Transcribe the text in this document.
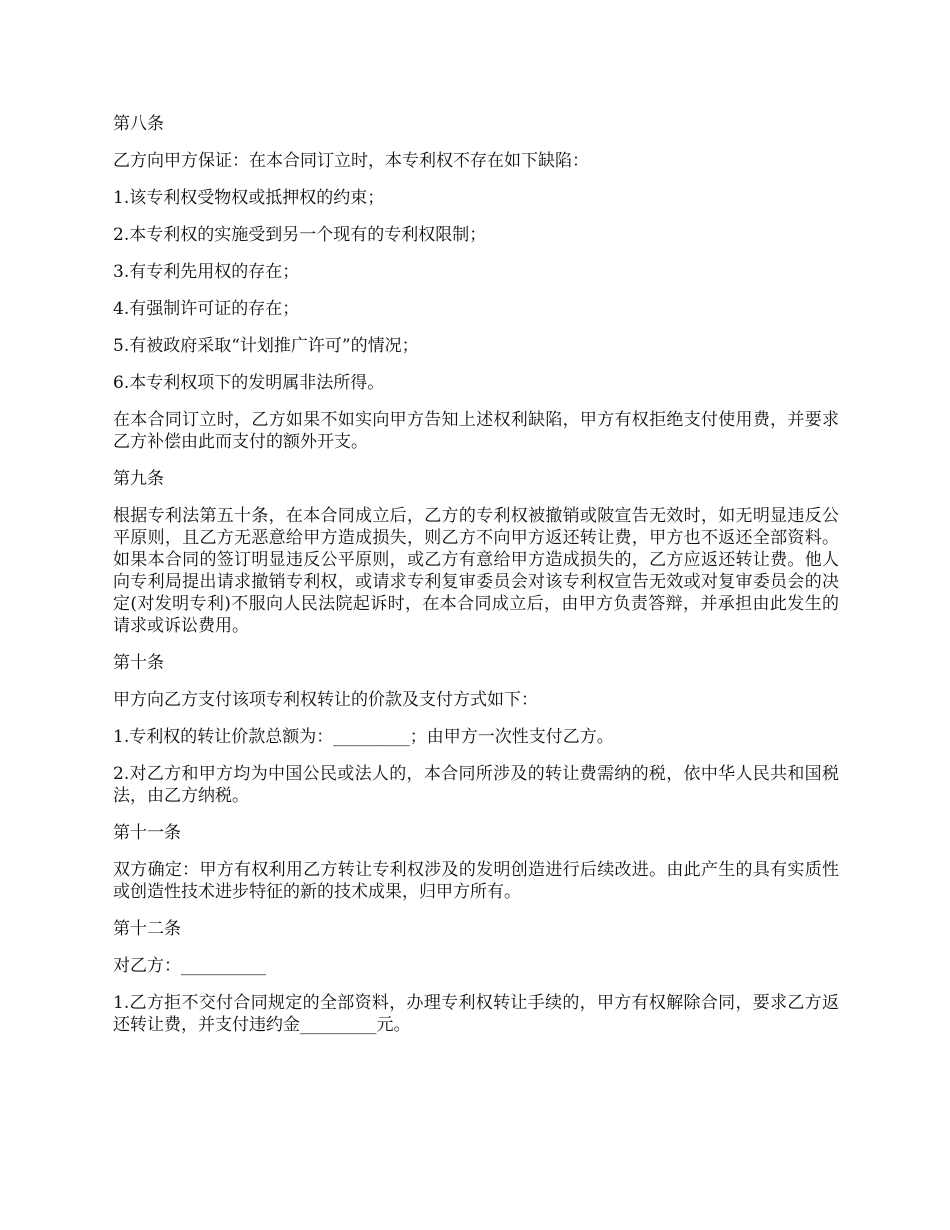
第八条

乙方向甲方保证：在本合同订立时，本专利权不存在如下缺陷：

1.该专利权受物权或抵押权的约束；

2.本专利权的实施受到另一个现有的专利权限制；

3.有专利先用权的存在；

4.有强制许可证的存在；

5.有被政府采取“计划推广许可”的情况；

6.本专利权项下的发明属非法所得。

在本合同订立时，乙方如果不如实向甲方告知上述权利缺陷，甲方有权拒绝支付使用费，并要求乙方补偿由此而支付的额外开支。

第九条

根据专利法第五十条，在本合同成立后，乙方的专利权被撤销或陂宣告无效时，如无明显违反公平原则，且乙方无恶意给甲方造成损失，则乙方不向甲方返还转让费，甲方也不返还全部资料。如果本合同的签订明显违反公平原则，或乙方有意给甲方造成损失的，乙方应返还转让费。他人向专利局提出请求撤销专利权，或请求专利复审委员会对该专利权宣告无效或对复审委员会的决定(对发明专利)不服向人民法院起诉时，在本合同成立后，由甲方负责答辩，并承担由此发生的请求或诉讼费用。

第十条

甲方向乙方支付该项专利权转让的价款及支付方式如下：

1.专利权的转让价款总额为：_________；由甲方一次性支付乙方。

2.对乙方和甲方均为中国公民或法人的，本合同所涉及的转让费需纳的税，依中华人民共和国税法，由乙方纳税。

第十一条

双方确定：甲方有权利用乙方转让专利权涉及的发明创造进行后续改进。由此产生的具有实质性或创造性技术进步特征的新的技术成果，归甲方所有。

第十二条

对乙方：__________

1.乙方拒不交付合同规定的全部资料，办理专利权转让手续的，甲方有权解除合同，要求乙方返还转让费，并支付违约金_________元。
